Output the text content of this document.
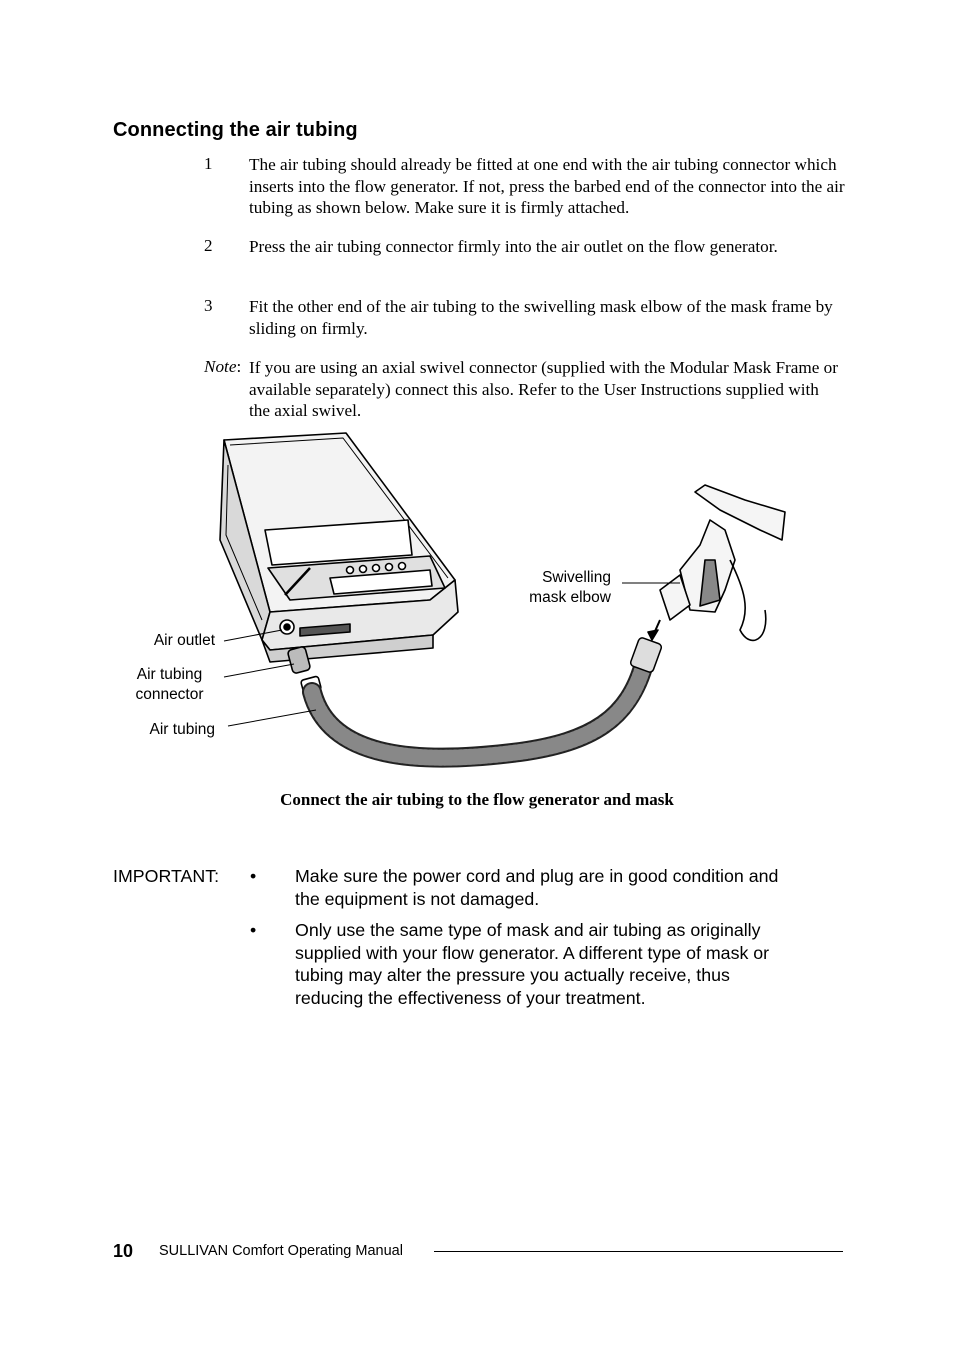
Connecting the air tubing
1 The air tubing should already be fitted at one end with the air tubing connector which inserts into the flow generator. If not, press the barbed end of the connector into the air tubing as shown below. Make sure it is firmly attached.
2 Press the air tubing connector firmly into the air outlet on the flow generator.
3 Fit the other end of the air tubing to the swivelling mask elbow of the mask frame by sliding on firmly.
Note: If you are using an axial swivel connector (supplied with the Modular Mask Frame or available separately) connect this also. Refer to the User Instructions supplied with the axial swivel.
Swivelling mask elbow
Air outlet
Air tubing connector
Air tubing
Connect the air tubing to the flow generator and mask
IMPORTANT: • Make sure the power cord and plug are in good condition and the equipment is not damaged.
• Only use the same type of mask and air tubing as originally supplied with your flow generator. A different type of mask or tubing may alter the pressure you actually receive, thus reducing the effectiveness of your treatment.
10 SULLIVAN Comfort Operating Manual
